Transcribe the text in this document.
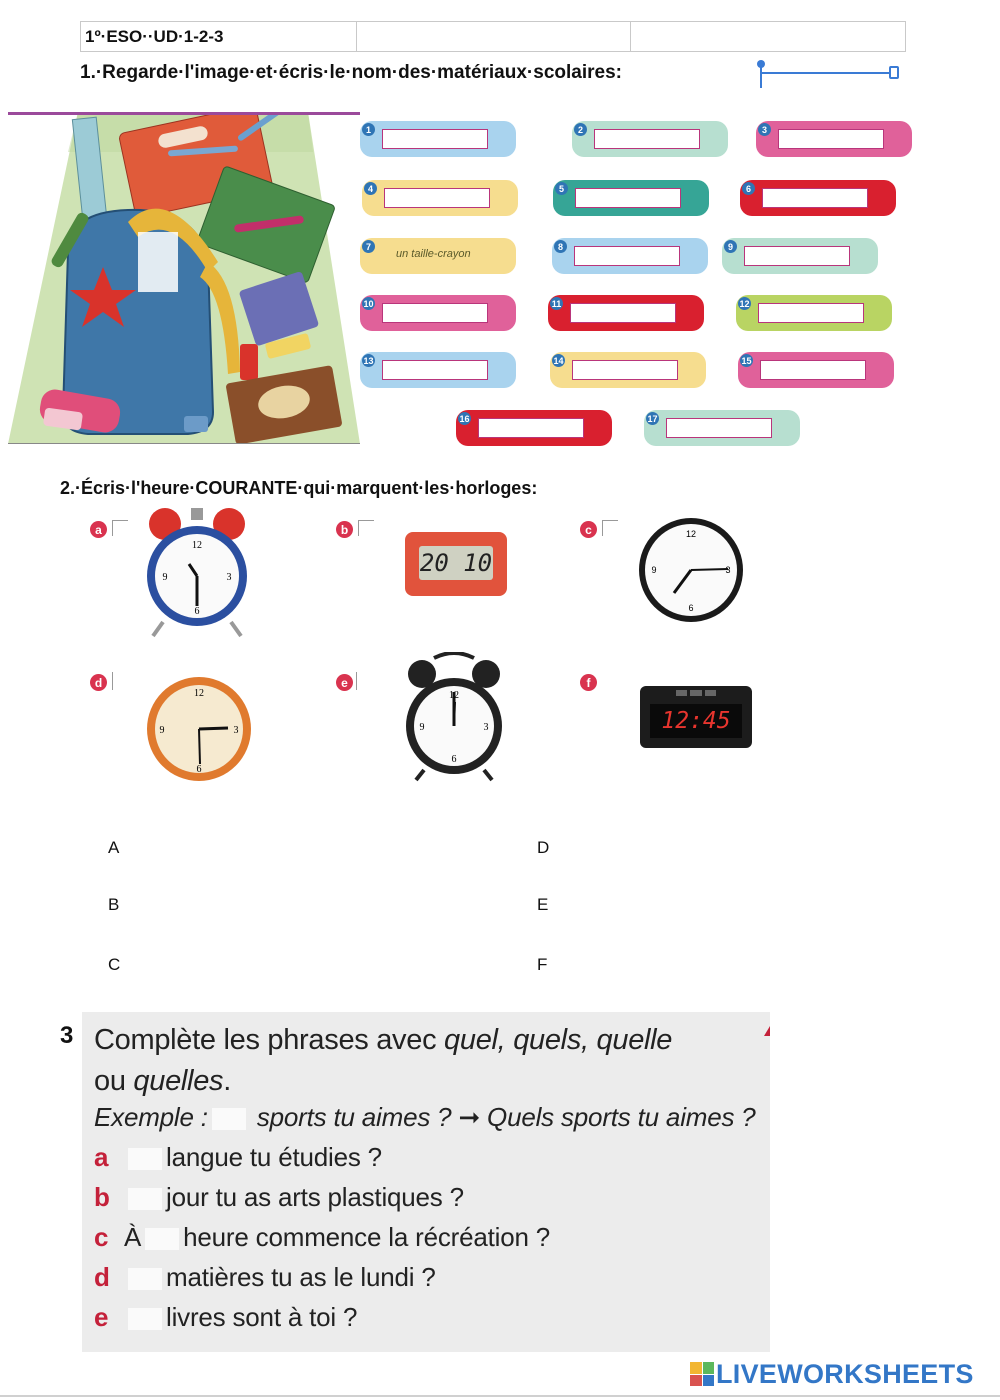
1º·ESO··UD·1-2-3
1.·Regarde·l'image·et·écris·le·nom·des·matériaux·scolaires:
1	2	3
4	5	6
7
un taille-crayon
8	9
10	11	12
13	14	15
16	17
2.·Écris·l'heure·COURANTE·qui·marquent·les·horloges:
a
12
3
6
9
b
20 10
c	12
3
6
9
d
12
3
6
9
e
12
3
6
9
f
12:45
A
B
C
D
E
F
3 Complète les phrases avec quel, quels, quelle
ou quelles.
Exemple : sports tu aimes ? ➞ Quels sports tu aimes ?
a langue tu étudies ?
b jour tu as arts plastiques ?
c À heure commence la récréation ?
d matières tu as le lundi ?
e livres sont à toi ?
LIVEWORKSHEETS
